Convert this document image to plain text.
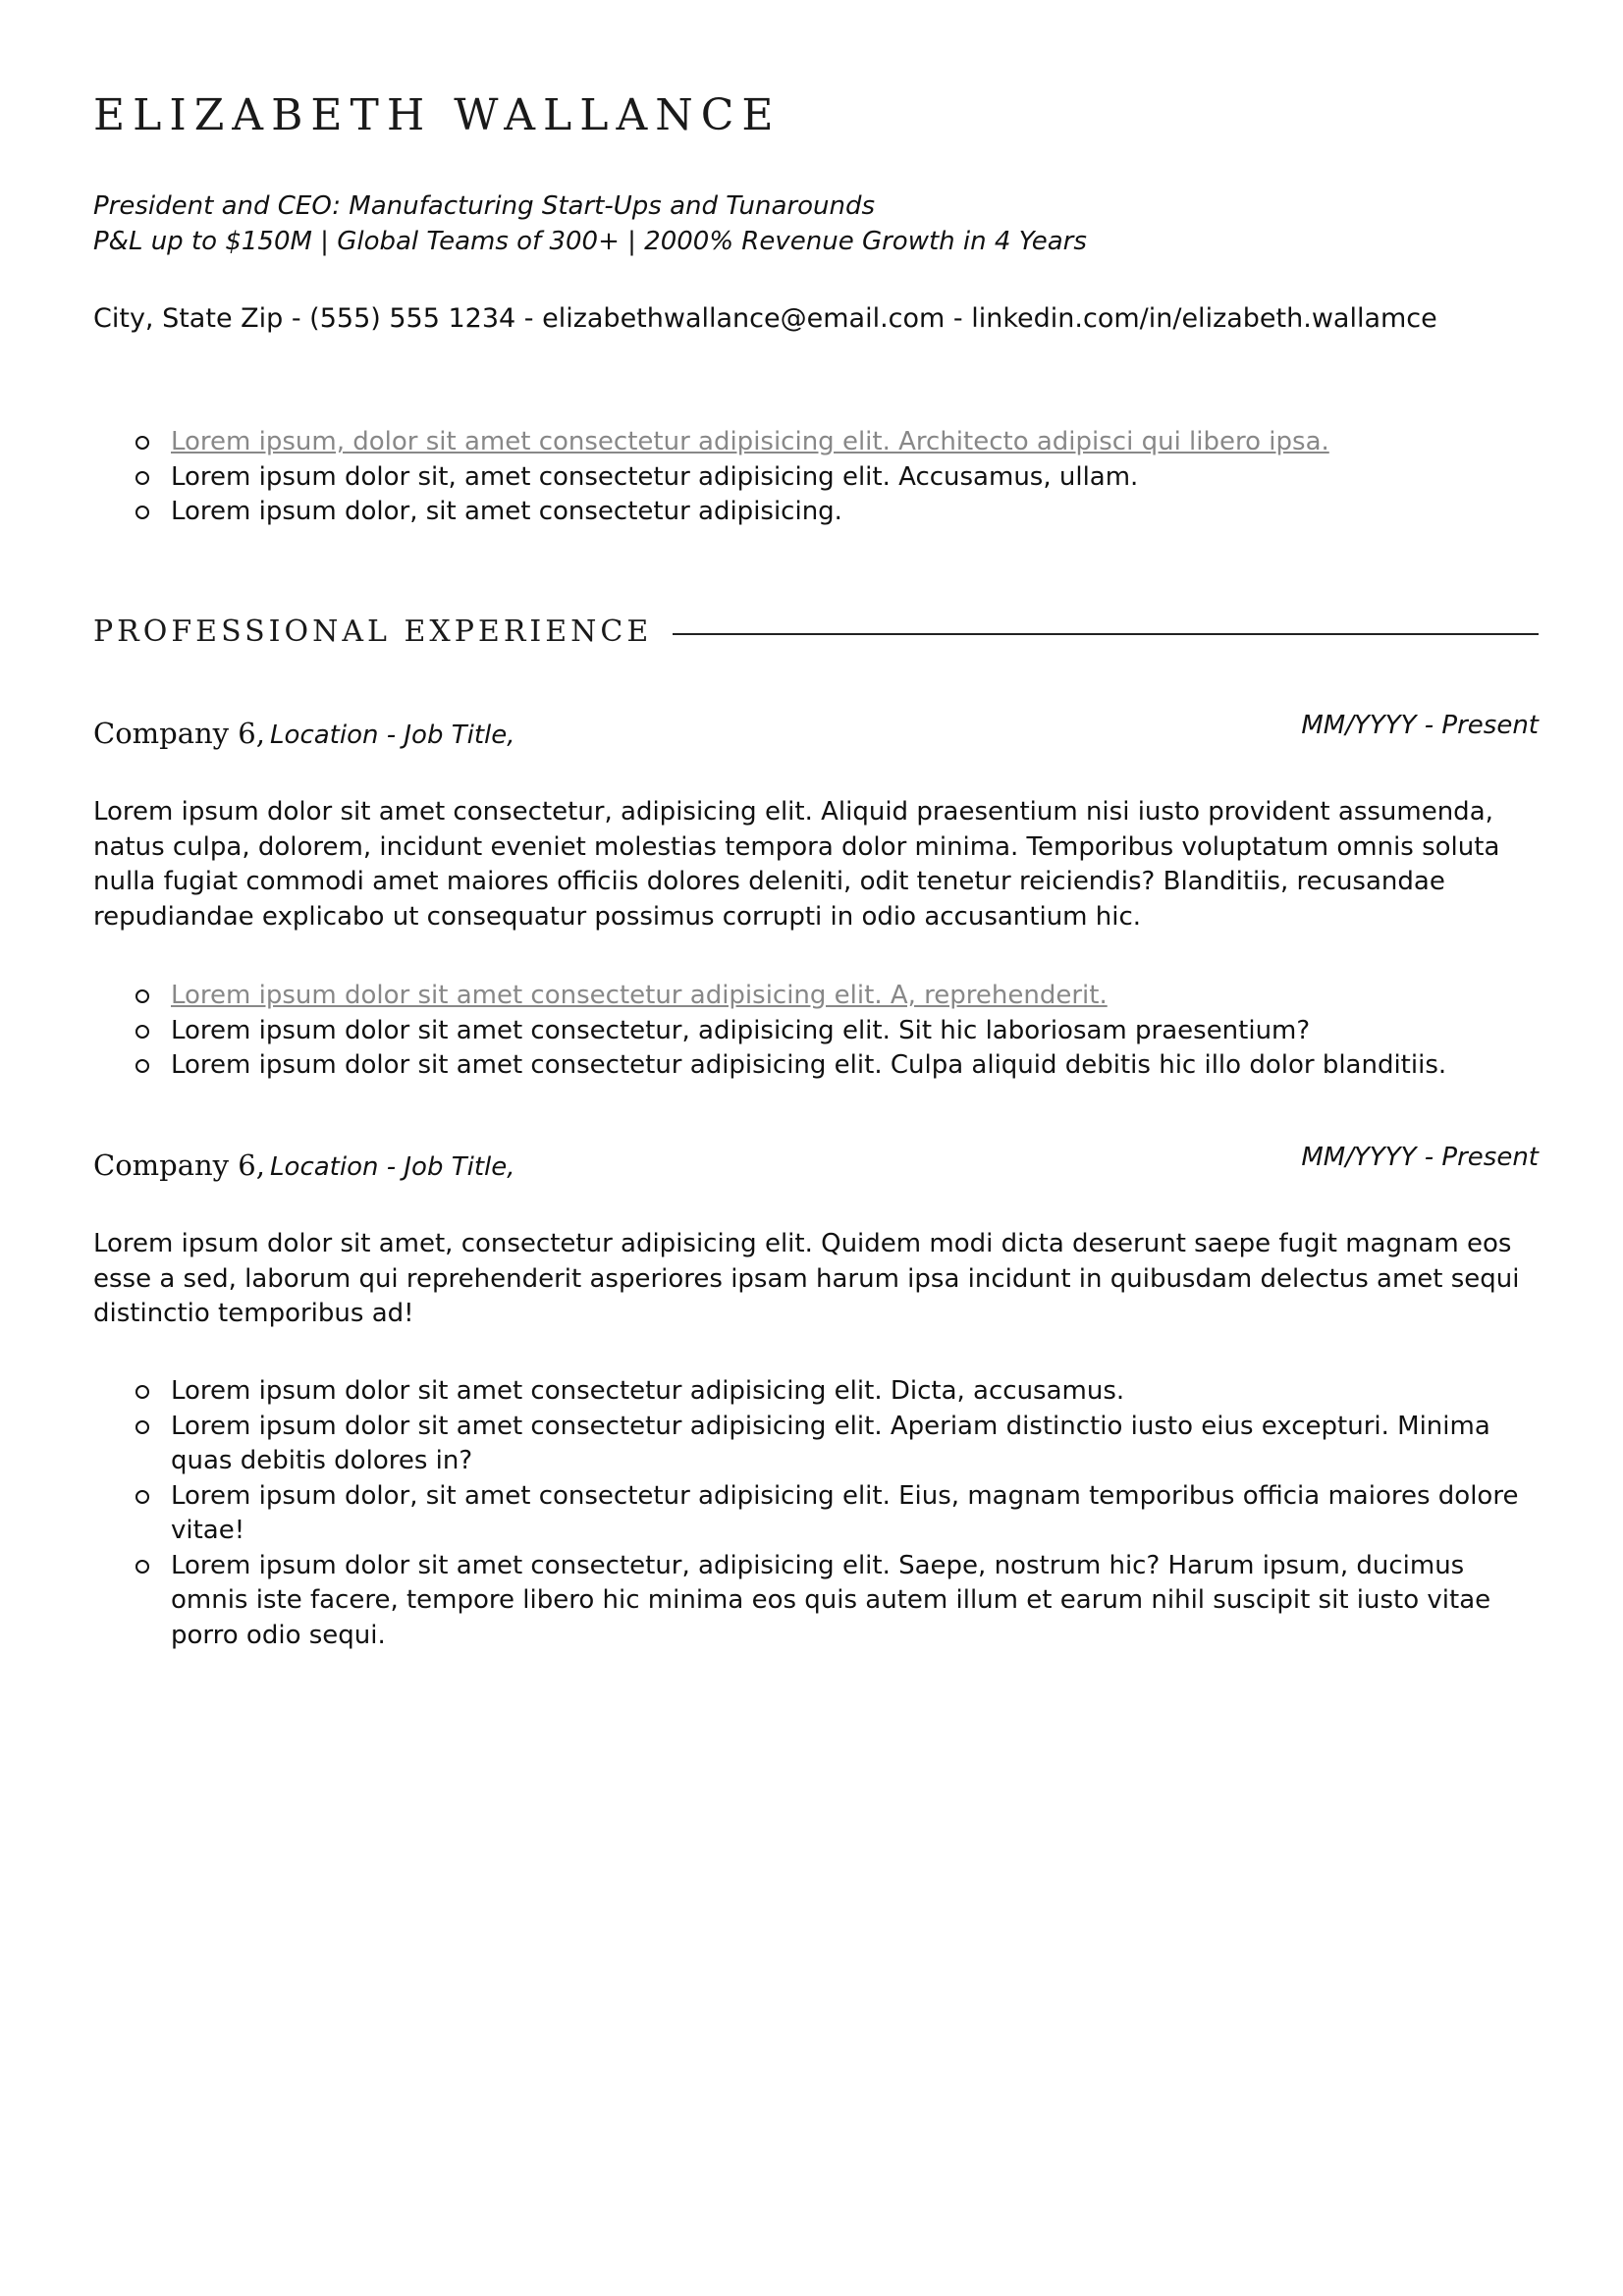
ELIZABETH WALLANCE
President and CEO: Manufacturing Start-Ups and Tunarounds
P&L up to $150M | Global Teams of 300+ | 2000% Revenue Growth in 4 Years
City, State Zip - (555) 555 1234 - elizabethwallance@email.com - linkedin.com/in/elizabeth.wallamce
Lorem ipsum, dolor sit amet consectetur adipisicing elit. Architecto adipisci qui libero ipsa.
Lorem ipsum dolor sit, amet consectetur adipisicing elit. Accusamus, ullam.
Lorem ipsum dolor, sit amet consectetur adipisicing.
PROFESSIONAL EXPERIENCE
Company 6, Location - Job Title,	MM/YYYY - Present
Lorem ipsum dolor sit amet consectetur, adipisicing elit. Aliquid praesentium nisi iusto provident assumenda, natus culpa, dolorem, incidunt eveniet molestias tempora dolor minima. Temporibus voluptatum omnis soluta nulla fugiat commodi amet maiores officiis dolores deleniti, odit tenetur reiciendis? Blanditiis, recusandae repudiandae explicabo ut consequatur possimus corrupti in odio accusantium hic.
Lorem ipsum dolor sit amet consectetur adipisicing elit. A, reprehenderit.
Lorem ipsum dolor sit amet consectetur, adipisicing elit. Sit hic laboriosam praesentium?
Lorem ipsum dolor sit amet consectetur adipisicing elit. Culpa aliquid debitis hic illo dolor blanditiis.
Company 6, Location - Job Title,	MM/YYYY - Present
Lorem ipsum dolor sit amet, consectetur adipisicing elit. Quidem modi dicta deserunt saepe fugit magnam eos esse a sed, laborum qui reprehenderit asperiores ipsam harum ipsa incidunt in quibusdam delectus amet sequi distinctio temporibus ad!
Lorem ipsum dolor sit amet consectetur adipisicing elit. Dicta, accusamus.
Lorem ipsum dolor sit amet consectetur adipisicing elit. Aperiam distinctio iusto eius excepturi. Minima quas debitis dolores in?
Lorem ipsum dolor, sit amet consectetur adipisicing elit. Eius, magnam temporibus officia maiores dolore vitae!
Lorem ipsum dolor sit amet consectetur, adipisicing elit. Saepe, nostrum hic? Harum ipsum, ducimus omnis iste facere, tempore libero hic minima eos quis autem illum et earum nihil suscipit sit iusto vitae porro odio sequi.
